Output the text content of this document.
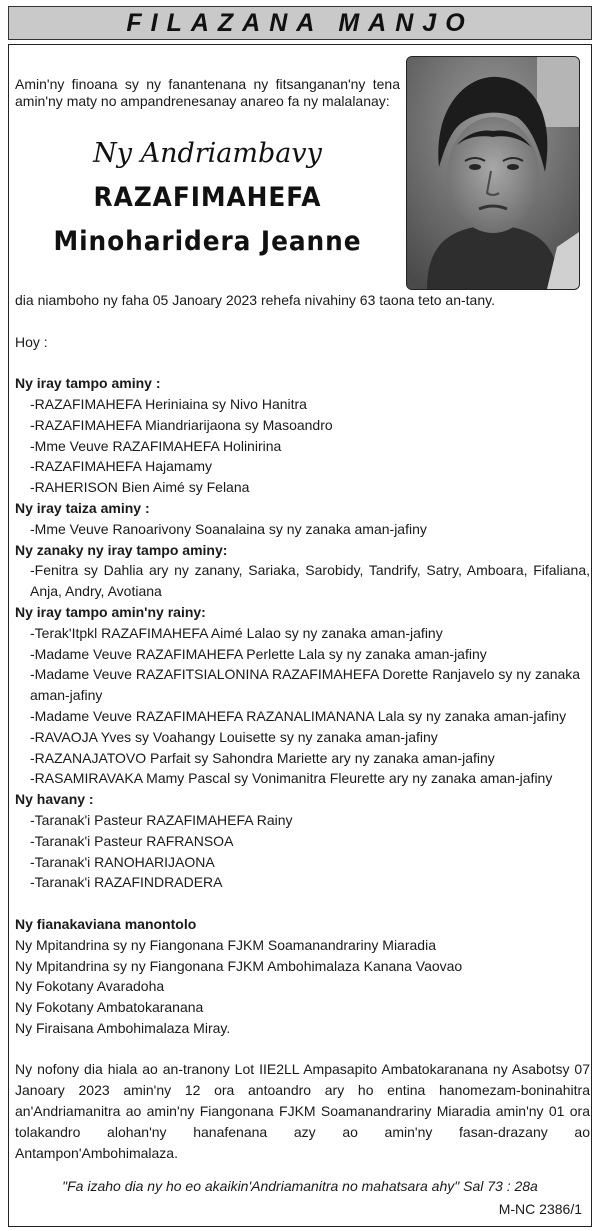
FILAZANA MANJO

Amin'ny finoana sy ny fanantenana ny fitsanganan'ny tena amin'ny maty no ampandrenesanay anareo fa ny malalanay:

Ny Andriambavy
RAZAFIMAHEFA
Minoharidera Jeanne

dia niamboho ny faha 05 Janoary 2023 rehefa nivahiny 63 taona teto an-tany.

Hoy :

Ny iray tampo aminy :

-RAZAFIMAHEFA Heriniaina sy Nivo Hanitra

-RAZAFIMAHEFA Miandriarijaona sy Masoandro

-Mme Veuve RAZAFIMAHEFA Holinirina

-RAZAFIMAHEFA Hajamamy

-RAHERISON Bien Aimé sy Felana

Ny iray taiza aminy :

-Mme Veuve Ranoarivony Soanalaina sy ny zanaka aman-jafiny

Ny zanaky ny iray tampo aminy:

-Fenitra sy Dahlia ary ny zanany, Sariaka, Sarobidy, Tandrify, Satry, Amboara, Fifaliana, Anja, Andry, Avotiana

Ny iray tampo amin'ny rainy:

-Terak'Itpkl RAZAFIMAHEFA Aimé Lalao sy ny zanaka aman-jafiny

-Madame Veuve RAZAFIMAHEFA Perlette Lala sy ny zanaka aman-jafiny

-Madame Veuve RAZAFITSIALONINA RAZAFIMAHEFA Dorette Ranjavelo sy ny zanaka aman-jafiny

-Madame Veuve RAZAFIMAHEFA RAZANALIMANANA Lala sy ny zanaka aman-jafiny

-RAVAOJA Yves sy Voahangy Louisette sy ny zanaka aman-jafiny

-RAZANAJATOVO Parfait sy Sahondra Mariette ary ny zanaka aman-jafiny

-RASAMIRAVAKA Mamy Pascal sy Vonimanitra Fleurette ary ny zanaka aman-jafiny

Ny havany :

-Taranak'i Pasteur RAZAFIMAHEFA Rainy

-Taranak'i Pasteur RAFRANSOA

-Taranak'i RANOHARIJAONA

-Taranak'i RAZAFINDRADERA

Ny fianakaviana manontolo

Ny Mpitandrina sy ny Fiangonana FJKM Soamanandrariny Miaradia

Ny Mpitandrina sy ny Fiangonana FJKM Ambohimalaza Kanana Vaovao

Ny Fokotany Avaradoha

Ny Fokotany Ambatokaranana

Ny Firaisana Ambohimalaza Miray.

Ny nofony dia hiala ao an-tranony Lot IIE2LL Ampasapito Ambatokaranana ny Asabotsy 07 Janoary 2023 amin'ny 12 ora antoandro ary ho entina hanomezam-boninahitra an'Andriamanitra ao amin'ny Fiangonana FJKM Soamanandrariny Miaradia amin'ny 01 ora tolakandro alohan'ny hanafenana azy ao amin'ny fasan-drazany ao Antampon'Ambohimalaza.

"Fa izaho dia ny ho eo akaikin'Andriamanitra no mahatsara ahy" Sal 73 : 28a
M-NC 2386/1
